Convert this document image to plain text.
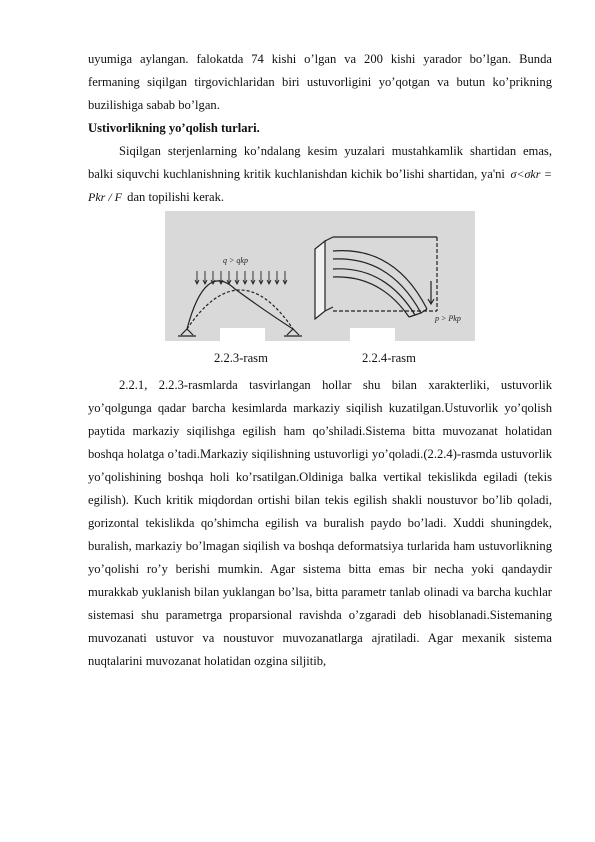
uyumiga aylangan. falokatda 74 kishi o’lgan va 200 kishi yarador bo’lgan. Bunda fermaning siqilgan tirgovichlaridan biri ustuvorligini yo’qotgan va butun ko’prikning buzilishiga sabab bo’lgan.

Ustivorlikning yo’qolish turlari.

Siqilgan sterjenlarning ko’ndalang kesim yuzalari mustahkamlik shartidan emas, balki siquvchi kuchlanishning kritik kuchlanishdan kichik bo’lishi shartidan, ya'ni σ<σkr = Pkr / F dan topilishi kerak.

q > qkp
p > Pkp
2.2.3-rasm	2.2.4-rasm

2.2.1, 2.2.3-rasmlarda tasvirlangan hollar shu bilan xarakterliki, ustuvorlik yo’qolgunga qadar barcha kesimlarda markaziy siqilish kuzatilgan.Ustuvorlik yo’qolish paytida markaziy siqilishga egilish ham qo’shiladi.Sistema bitta muvozanat holatidan boshqa holatga o’tadi.Markaziy siqilishning ustuvorligi yo’qoladi.(2.2.4)-rasmda ustuvorlik yo’qolishining boshqa holi ko’rsatilgan.Oldiniga balka vertikal tekislikda egiladi (tekis egilish). Kuch kritik miqdordan ortishi bilan tekis egilish shakli noustuvor bo’lib qoladi, gorizontal tekislikda qo’shimcha egilish va buralish paydo bo’ladi. Xuddi shuningdek, buralish, markaziy bo’lmagan siqilish va boshqa deformatsiya turlarida ham ustuvorlikning yo’qolishi ro’y berishi mumkin. Agar sistema bitta emas bir necha yoki qandaydir murakkab yuklanish bilan yuklangan bo’lsa, bitta parametr tanlab olinadi va barcha kuchlar sistemasi shu parametrga proparsional ravishda o’zgaradi deb hisoblanadi.Sistemaning muvozanati ustuvor va noustuvor muvozanatlarga ajratiladi. Agar mexanik sistema nuqtalarini muvozanat holatidan ozgina siljitib,
